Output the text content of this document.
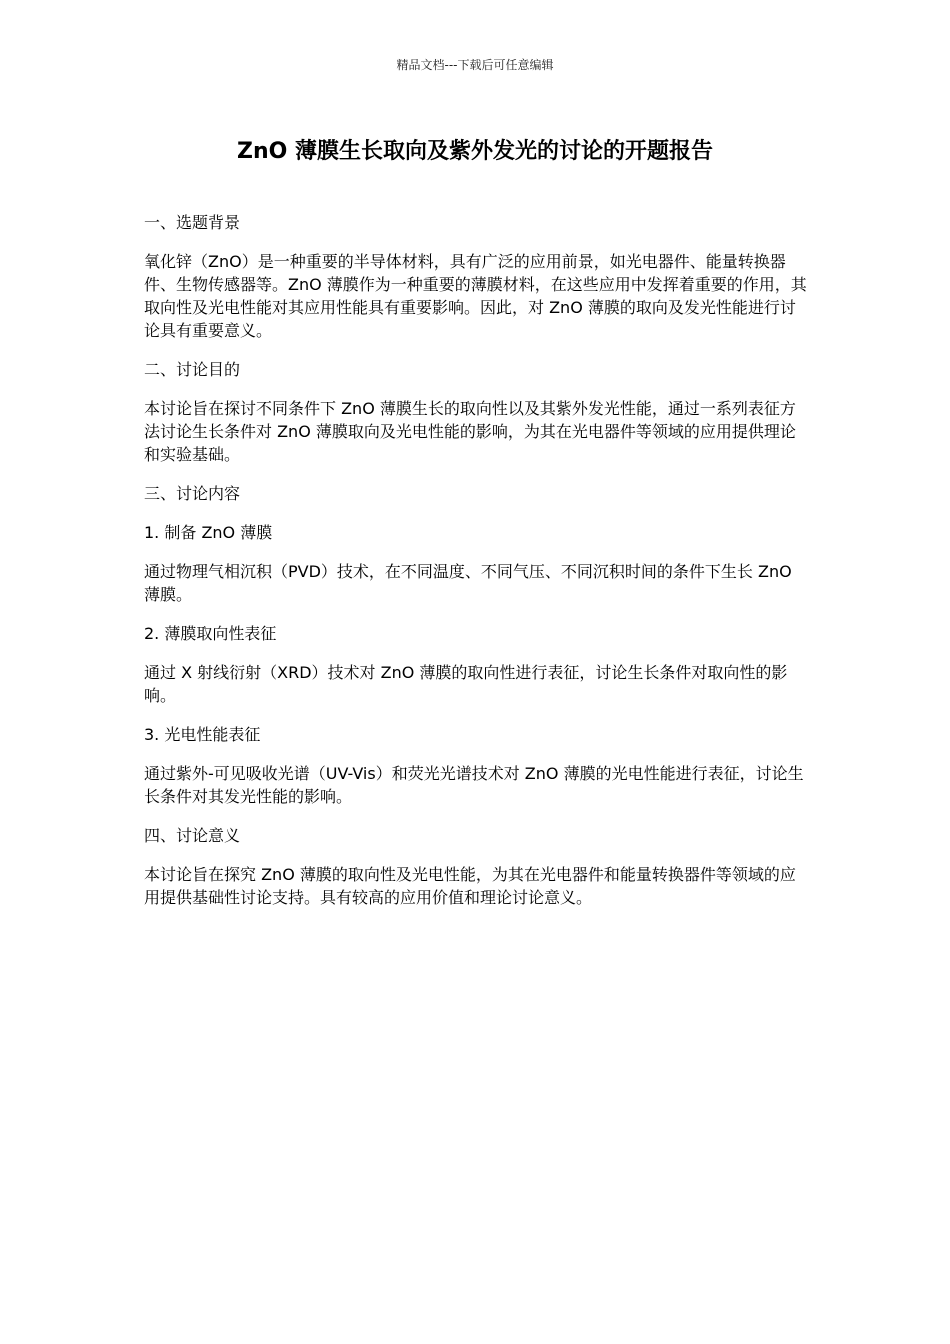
精品文档---下载后可任意编辑
ZnO 薄膜生长取向及紫外发光的讨论的开题报告

一、选题背景

氧化锌（ZnO）是一种重要的半导体材料，具有广泛的应用前景，如光电器件、能量转换器件、生物传感器等。ZnO 薄膜作为一种重要的薄膜材料，在这些应用中发挥着重要的作用，其取向性及光电性能对其应用性能具有重要影响。因此，对 ZnO 薄膜的取向及发光性能进行讨论具有重要意义。

二、讨论目的

本讨论旨在探讨不同条件下 ZnO 薄膜生长的取向性以及其紫外发光性能，通过一系列表征方法讨论生长条件对 ZnO 薄膜取向及光电性能的影响，为其在光电器件等领域的应用提供理论和实验基础。

三、讨论内容

1. 制备 ZnO 薄膜

通过物理气相沉积（PVD）技术，在不同温度、不同气压、不同沉积时间的条件下生长 ZnO 薄膜。

2. 薄膜取向性表征

通过 X 射线衍射（XRD）技术对 ZnO 薄膜的取向性进行表征，讨论生长条件对取向性的影响。

3. 光电性能表征

通过紫外-可见吸收光谱（UV-Vis）和荧光光谱技术对 ZnO 薄膜的光电性能进行表征，讨论生长条件对其发光性能的影响。

四、讨论意义

本讨论旨在探究 ZnO 薄膜的取向性及光电性能，为其在光电器件和能量转换器件等领域的应用提供基础性讨论支持。具有较高的应用价值和理论讨论意义。
